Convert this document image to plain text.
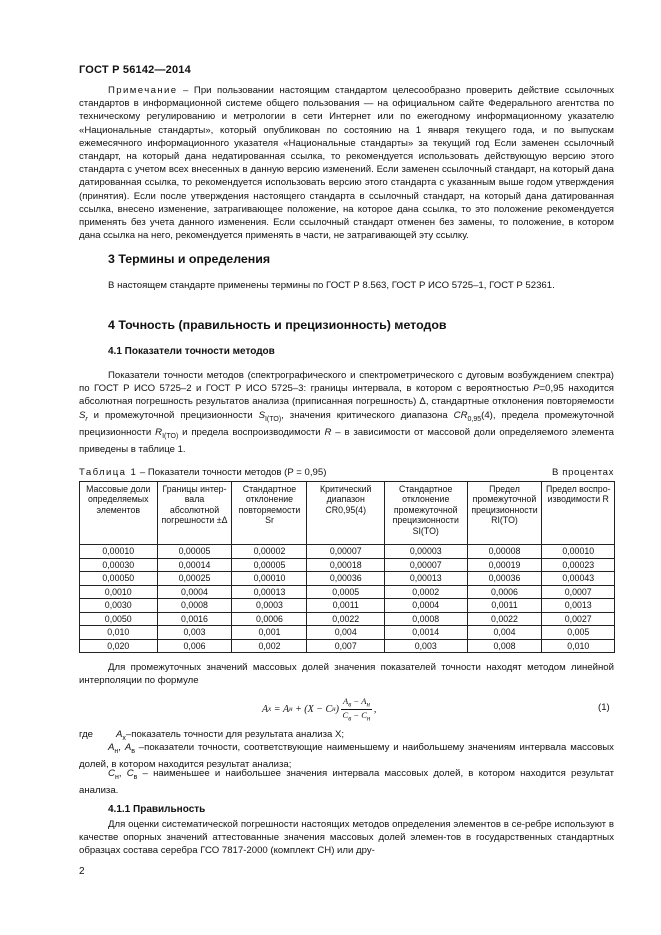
ГОСТ Р 56142—2014
Примечание – При пользовании настоящим стандартом целесообразно проверить действие ссылочных стандартов в информационной системе общего пользования — на официальном сайте Федерального агентства по техническому регулированию и метрологии в сети Интернет или по ежегодному информационному указателю «Национальные стандарты», который опубликован по состоянию на 1 января текущего года, и по выпускам ежемесячного информационного указателя «Национальные стандарты» за текущий год Если заменен ссылочный стандарт, на который дана недатированная ссылка, то рекомендуется использовать действующую версию этого стандарта с учетом всех внесенных в данную версию изменений. Если заменен ссылочный стандарт, на который дана датированная ссылка, то рекомендуется использовать версию этого стандарта с указанным выше годом утверждения (принятия). Если после утверждения настоящего стандарта в ссылочный стандарт, на который дана датированная ссылка, внесено изменение, затрагивающее положение, на которое дана ссылка, то это положение рекомендуется применять без учета данного изменения. Если ссылочный стандарт отменен без замены, то положение, в котором дана ссылка на него, рекомендуется применять в части, не затрагивающей эту ссылку.
3 Термины и определения
В настоящем стандарте применены термины по ГОСТ Р 8.563, ГОСТ Р ИСО 5725–1, ГОСТ Р 52361.
4 Точность (правильность и прецизионность) методов
4.1 Показатели точности методов
Показатели точности методов (спектрографического и спектрометрического с дуговым возбуждением спектра) по ГОСТ Р ИСО 5725–2 и ГОСТ Р ИСО 5725–3: границы интервала, в котором с вероятностью P=0,95 находится абсолютная погрешность результатов анализа (приписанная погрешность) Δ, стандартные отклонения повторяемости $S_r$ и промежуточной прецизионности $S_{I(TO)}$, значения критического диапазона $CR_{0,95}(4)$, предела промежуточной прецизионности $R_{I(TO)}$ и предела воспроизводимости R – в зависимости от массовой доли определяемого элемента приведены в таблице 1.
Таблица 1 – Показатели точности методов (P = 0,95)	В процентах
Массовые доли определяемых элементов	Границы интер-вала абсолютной погрешности ±Δ	Стандартное отклонение повторяемости Sr	Критический диапазон CR0,95(4)	Стандартное отклонение промежуточной прецизионности SI(TO)	Предел промежуточной прецизионности RI(TO)	Предел воспро-изводимости R
0,00010	0,00005	0,00002	0,00007	0,00003	0,00008	0,00010
0,00030	0,00014	0,00005	0,00018	0,00007	0,00019	0,00023
0,00050	0,00025	0,00010	0,00036	0,00013	0,00036	0,00043
0,0010	0,0004	0,00013	0,0005	0,0002	0,0006	0,0007
0,0030	0,0008	0,0003	0,0011	0,0004	0,0011	0,0013
0,0050	0,0016	0,0006	0,0022	0,0008	0,0022	0,0027
0,010	0,003	0,001	0,004	0,0014	0,004	0,005
0,020	0,006	0,002	0,007	0,003	0,008	0,010
Для промежуточных значений массовых долей значения показателей точности находят методом линейной интерполяции по формуле
A x = A н + (X − C н ) $\frac{A_в - A_н}{C_в - C_н}$ ,	(1)
где $A_x$–показатель точности для результата анализа X;
$A_н$, $A_в$ –показатели точности, соответствующие наименьшему и наибольшему значениям интервала массовых долей, в котором находится результат анализа;
$C_н$, $C_в$ – наименьшее и наибольшее значения интервала массовых долей, в котором находится результат анализа.
4.1.1 Правильность
Для оценки систематической погрешности настоящих методов определения элементов в се-ребре используют в качестве опорных значений аттестованные значения массовых долей элемен-тов в государственных стандартных образцах состава серебра ГСО 7817-2000 (комплект СН) или дру-
2
